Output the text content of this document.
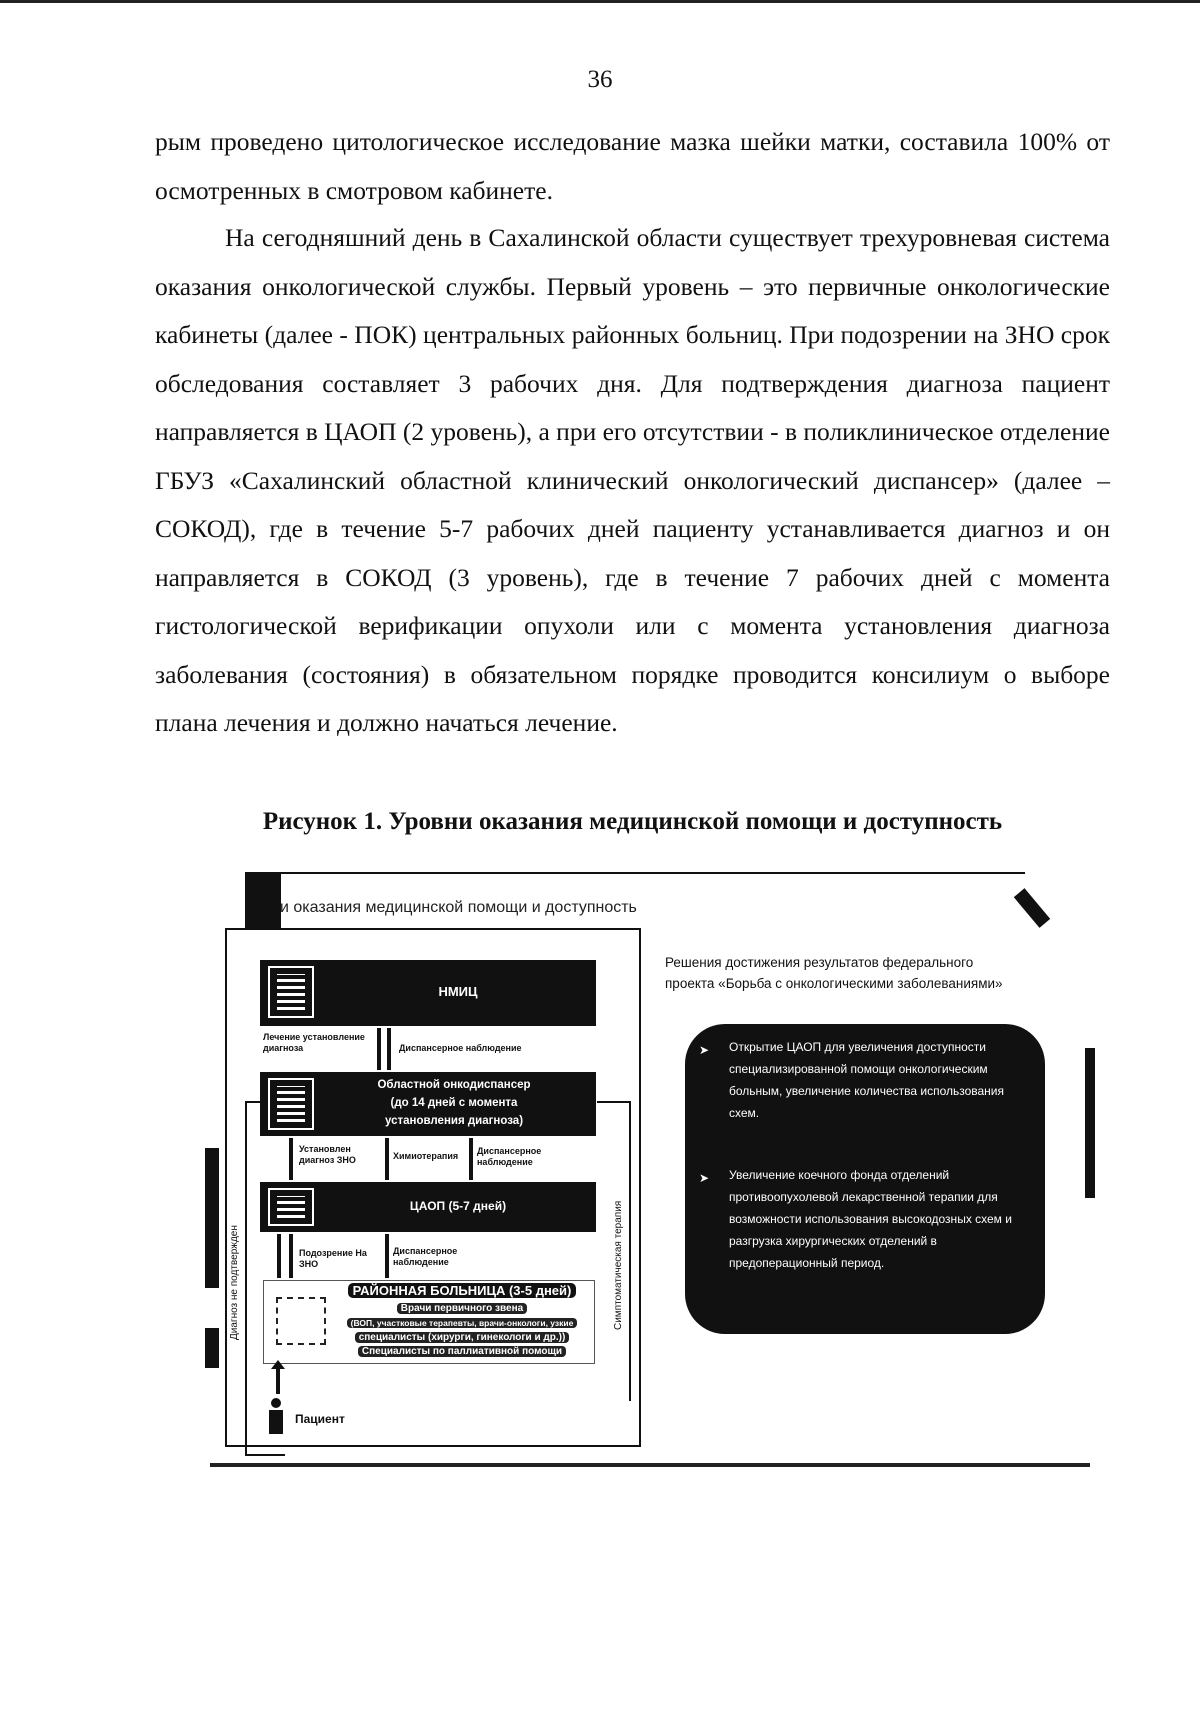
36
рым проведено цитологическое исследование мазка шейки матки, составила 100% от осмотренных в смотровом кабинете.
На сегодняшний день в Сахалинской области существует трехуровневая система оказания онкологической службы. Первый уровень – это первичные онкологические кабинеты (далее - ПОК) центральных районных больниц. При подозрении на ЗНО срок обследования составляет 3 рабочих дня. Для подтверждения диагноза пациент направляется в ЦАОП (2 уровень), а при его отсутствии - в поликлиническое отделение ГБУЗ «Сахалинский областной клинический онкологический диспансер» (далее – СОКОД), где в течение 5-7 рабочих дней пациенту устанавливается диагноз и он направляется в СОКОД (3 уровень), где в течение 7 рабочих дней с момента гистологической верификации опухоли или с момента установления диагноза заболевания (состояния) в обязательном порядке проводится консилиум о выборе плана лечения и должно начаться лечение.
Рисунок 1. Уровни оказания медицинской помощи и доступность
и оказания медицинской помощи и доступность
Диагноз не подтвержден	Симптоматическая терапия
НМИЦ
Лечение установление диагноза	Диспансерное наблюдение
Областной онкодиспансер
(до 14 дней с момента
установления диагноза)
Установлен диагноз ЗНО	Химиотерапия	Диспансерное наблюдение
ЦАОП (5-7 дней)
Подозрение На ЗНО
Диспансерное наблюдение
РАЙОННАЯ БОЛЬНИЦА (3-5 дней)
Врачи первичного звена
(ВОП, участковые терапевты, врачи-онкологи, узкие
специалисты (хирурги, гинекологи и др.))
Специалисты по паллиативной помощи
Пациент
Решения достижения результатов федерального проекта «Борьба с онкологическими заболеваниями»
➤	Открытие ЦАОП для увеличения доступности специализированной помощи онкологическим больным, увеличение количества использования схем.
➤	Увеличение коечного фонда отделений противоопухолевой лекарственной терапии для возможности использования высокодозных схем и разгрузка хирургических отделений в предоперационный период.
